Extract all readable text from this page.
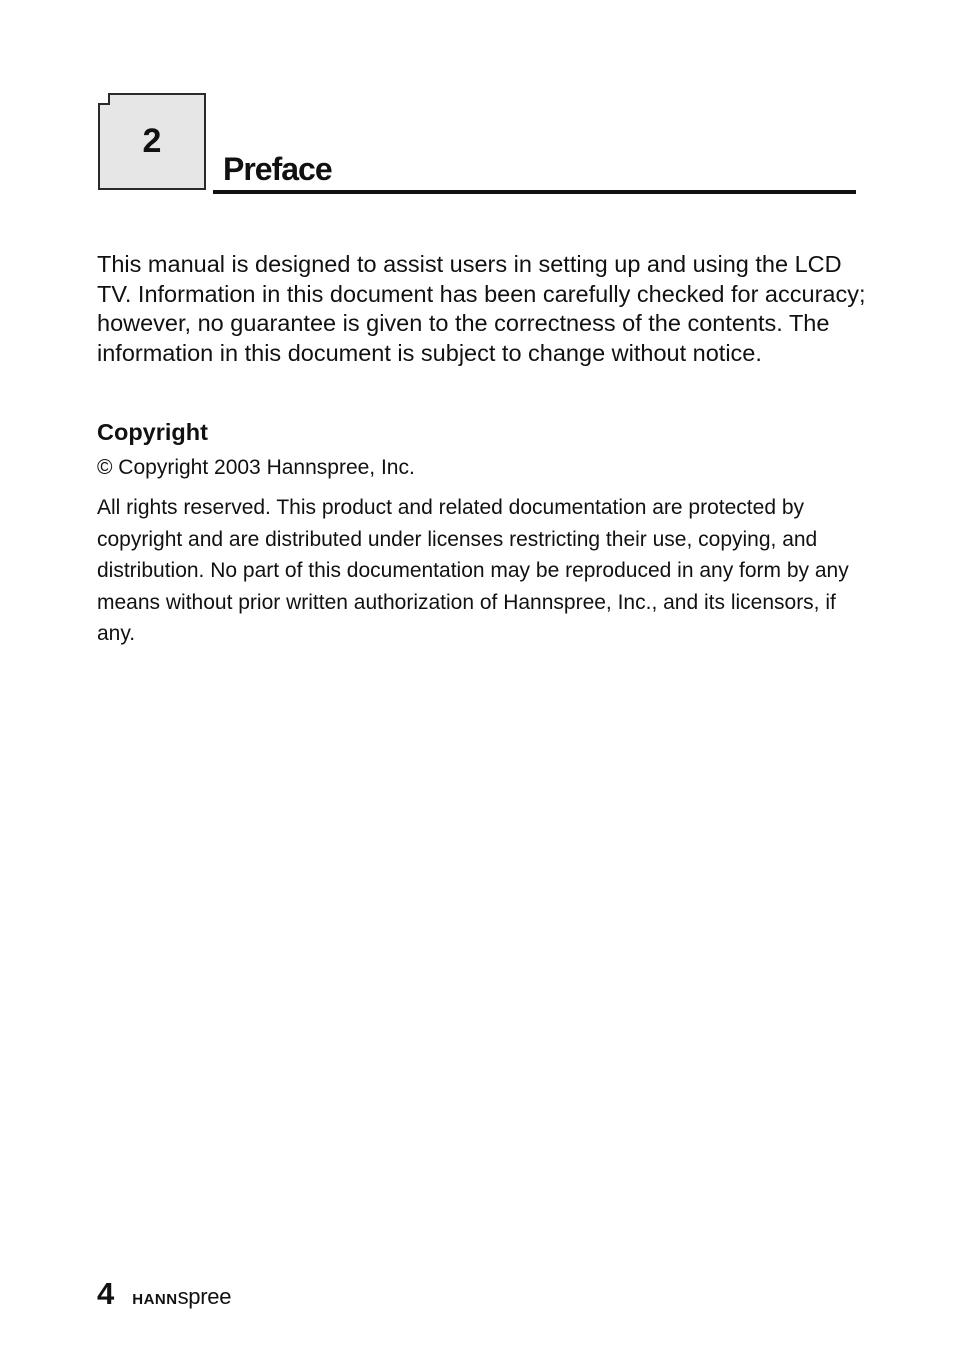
2
Preface

This manual is designed to assist users in setting up and using the LCD TV. Information in this document has been carefully checked for accuracy; however, no guarantee is given to the correctness of the contents. The information in this document is subject to change without notice.

Copyright

© Copyright 2003 Hannspree, Inc.

All rights reserved. This product and related documentation are protected by copyright and are distributed under licenses restricting their use, copying, and distribution. No part of this documentation may be reproduced in any form by any means without prior written authorization of Hannspree, Inc., and its licensors, if any.

4 HANN spree
